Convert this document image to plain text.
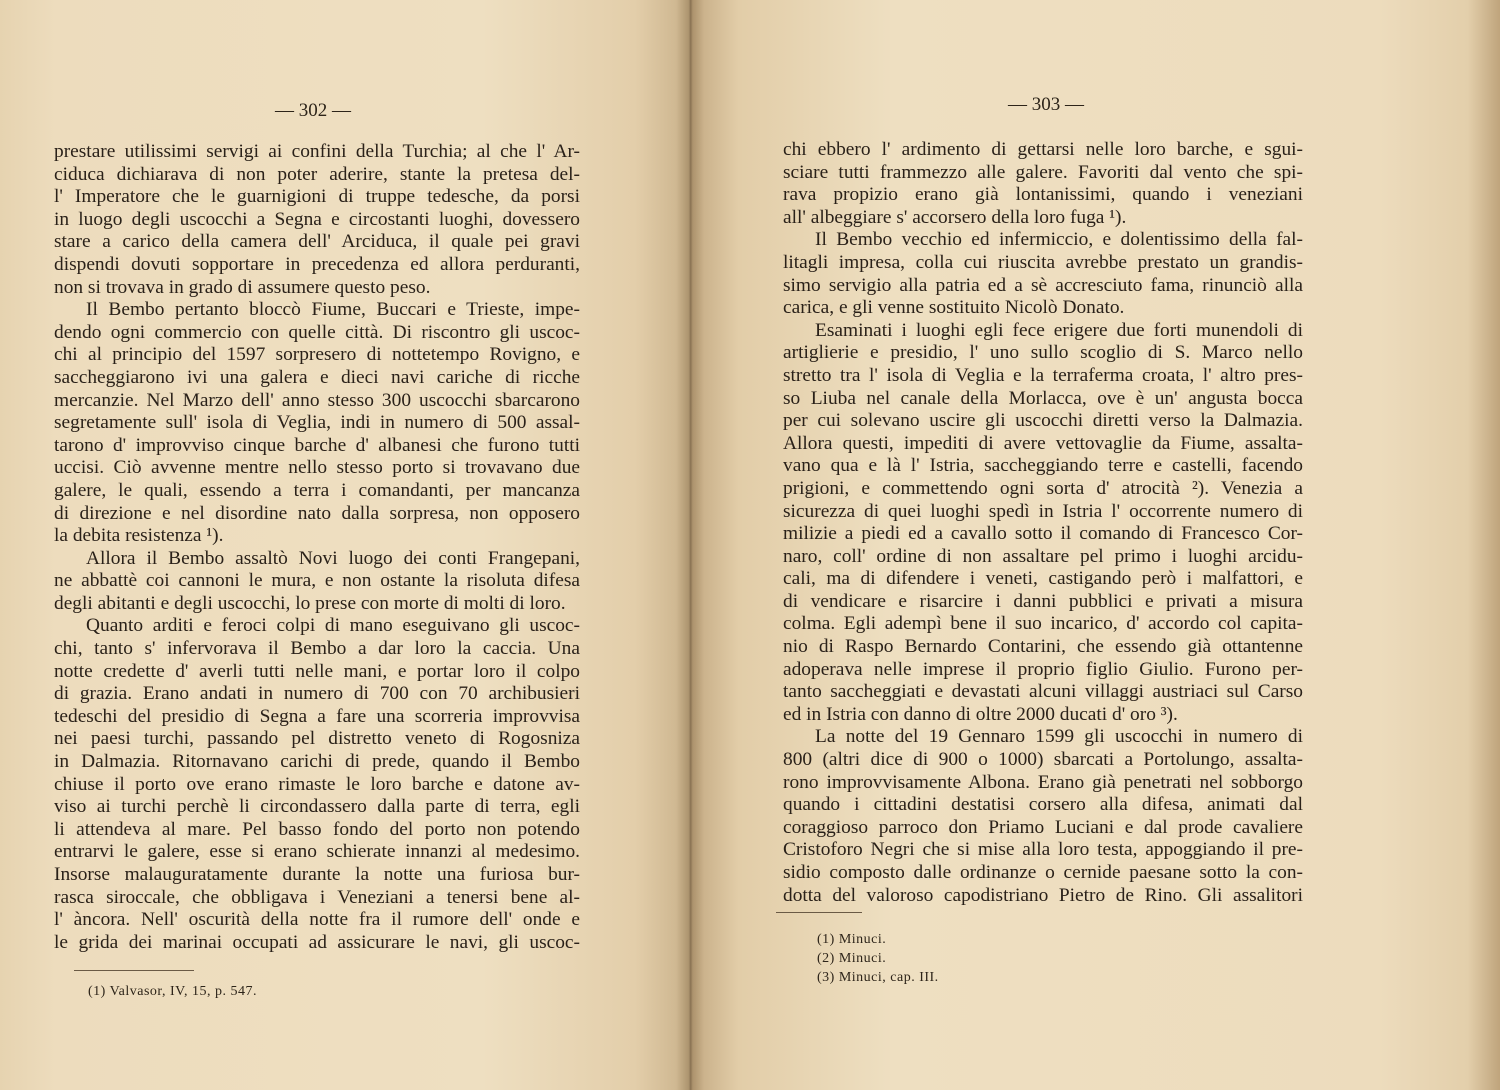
— 302 —
prestare utilissimi servigi ai confini della Turchia; al che l' Ar-
ciduca dichiarava di non poter aderire, stante la pretesa del-
l' Imperatore che le guarnigioni di truppe tedesche, da porsi
in luogo degli uscocchi a Segna e circostanti luoghi, dovessero
stare a carico della camera dell' Arciduca, il quale pei gravi
dispendi dovuti sopportare in precedenza ed allora perduranti,
non si trovava in grado di assumere questo peso.
Il Bembo pertanto bloccò Fiume, Buccari e Trieste, impe-
dendo ogni commercio con quelle città. Di riscontro gli uscoc-
chi al principio del 1597 sorpresero di nottetempo Rovigno, e
saccheggiarono ivi una galera e dieci navi cariche di ricche
mercanzie. Nel Marzo dell' anno stesso 300 uscocchi sbarcarono
segretamente sull' isola di Veglia, indi in numero di 500 assal-
tarono d' improvviso cinque barche d' albanesi che furono tutti
uccisi. Ciò avvenne mentre nello stesso porto si trovavano due
galere, le quali, essendo a terra i comandanti, per mancanza
di direzione e nel disordine nato dalla sorpresa, non opposero
la debita resistenza ¹).
Allora il Bembo assaltò Novi luogo dei conti Frangepani,
ne abbattè coi cannoni le mura, e non ostante la risoluta difesa
degli abitanti e degli uscocchi, lo prese con morte di molti di loro.
Quanto arditi e feroci colpi di mano eseguivano gli uscoc-
chi, tanto s' infervorava il Bembo a dar loro la caccia. Una
notte credette d' averli tutti nelle mani, e portar loro il colpo
di grazia. Erano andati in numero di 700 con 70 archibusieri
tedeschi del presidio di Segna a fare una scorreria improvvisa
nei paesi turchi, passando pel distretto veneto di Rogosniza
in Dalmazia. Ritornavano carichi di prede, quando il Bembo
chiuse il porto ove erano rimaste le loro barche e datone av-
viso ai turchi perchè li circondassero dalla parte di terra, egli
li attendeva al mare. Pel basso fondo del porto non potendo
entrarvi le galere, esse si erano schierate innanzi al medesimo.
Insorse malauguratamente durante la notte una furiosa bur-
rasca siroccale, che obbligava i Veneziani a tenersi bene al-
l' àncora. Nell' oscurità della notte fra il rumore dell' onde e
le grida dei marinai occupati ad assicurare le navi, gli uscoc-
(1) Valvasor, IV, 15, p. 547.
— 303 —
chi ebbero l' ardimento di gettarsi nelle loro barche, e sgui-
sciare tutti frammezzo alle galere. Favoriti dal vento che spi-
rava propizio erano già lontanissimi, quando i veneziani
all' albeggiare s' accorsero della loro fuga ¹).
Il Bembo vecchio ed infermiccio, e dolentissimo della fal-
litagli impresa, colla cui riuscita avrebbe prestato un grandis-
simo servigio alla patria ed a sè accresciuto fama, rinunciò alla
carica, e gli venne sostituito Nicolò Donato.
Esaminati i luoghi egli fece erigere due forti munendoli di
artiglierie e presidio, l' uno sullo scoglio di S. Marco nello
stretto tra l' isola di Veglia e la terraferma croata, l' altro pres-
so Liuba nel canale della Morlacca, ove è un' angusta bocca
per cui solevano uscire gli uscocchi diretti verso la Dalmazia.
Allora questi, impediti di avere vettovaglie da Fiume, assalta-
vano qua e là l' Istria, saccheggiando terre e castelli, facendo
prigioni, e commettendo ogni sorta d' atrocità ²). Venezia a
sicurezza di quei luoghi spedì in Istria l' occorrente numero di
milizie a piedi ed a cavallo sotto il comando di Francesco Cor-
naro, coll' ordine di non assaltare pel primo i luoghi arcidu-
cali, ma di difendere i veneti, castigando però i malfattori, e
di vendicare e risarcire i danni pubblici e privati a misura
colma. Egli adempì bene il suo incarico, d' accordo col capita-
nio di Raspo Bernardo Contarini, che essendo già ottantenne
adoperava nelle imprese il proprio figlio Giulio. Furono per-
tanto saccheggiati e devastati alcuni villaggi austriaci sul Carso
ed in Istria con danno di oltre 2000 ducati d' oro ³).
La notte del 19 Gennaro 1599 gli uscocchi in numero di
800 (altri dice di 900 o 1000) sbarcati a Portolungo, assalta-
rono improvvisamente Albona. Erano già penetrati nel sobborgo
quando i cittadini destatisi corsero alla difesa, animati dal
coraggioso parroco don Priamo Luciani e dal prode cavaliere
Cristoforo Negri che si mise alla loro testa, appoggiando il pre-
sidio composto dalle ordinanze o cernide paesane sotto la con-
dotta del valoroso capodistriano Pietro de Rino. Gli assalitori
(1) Minuci.
(2) Minuci.
(3) Minuci, cap. III.
